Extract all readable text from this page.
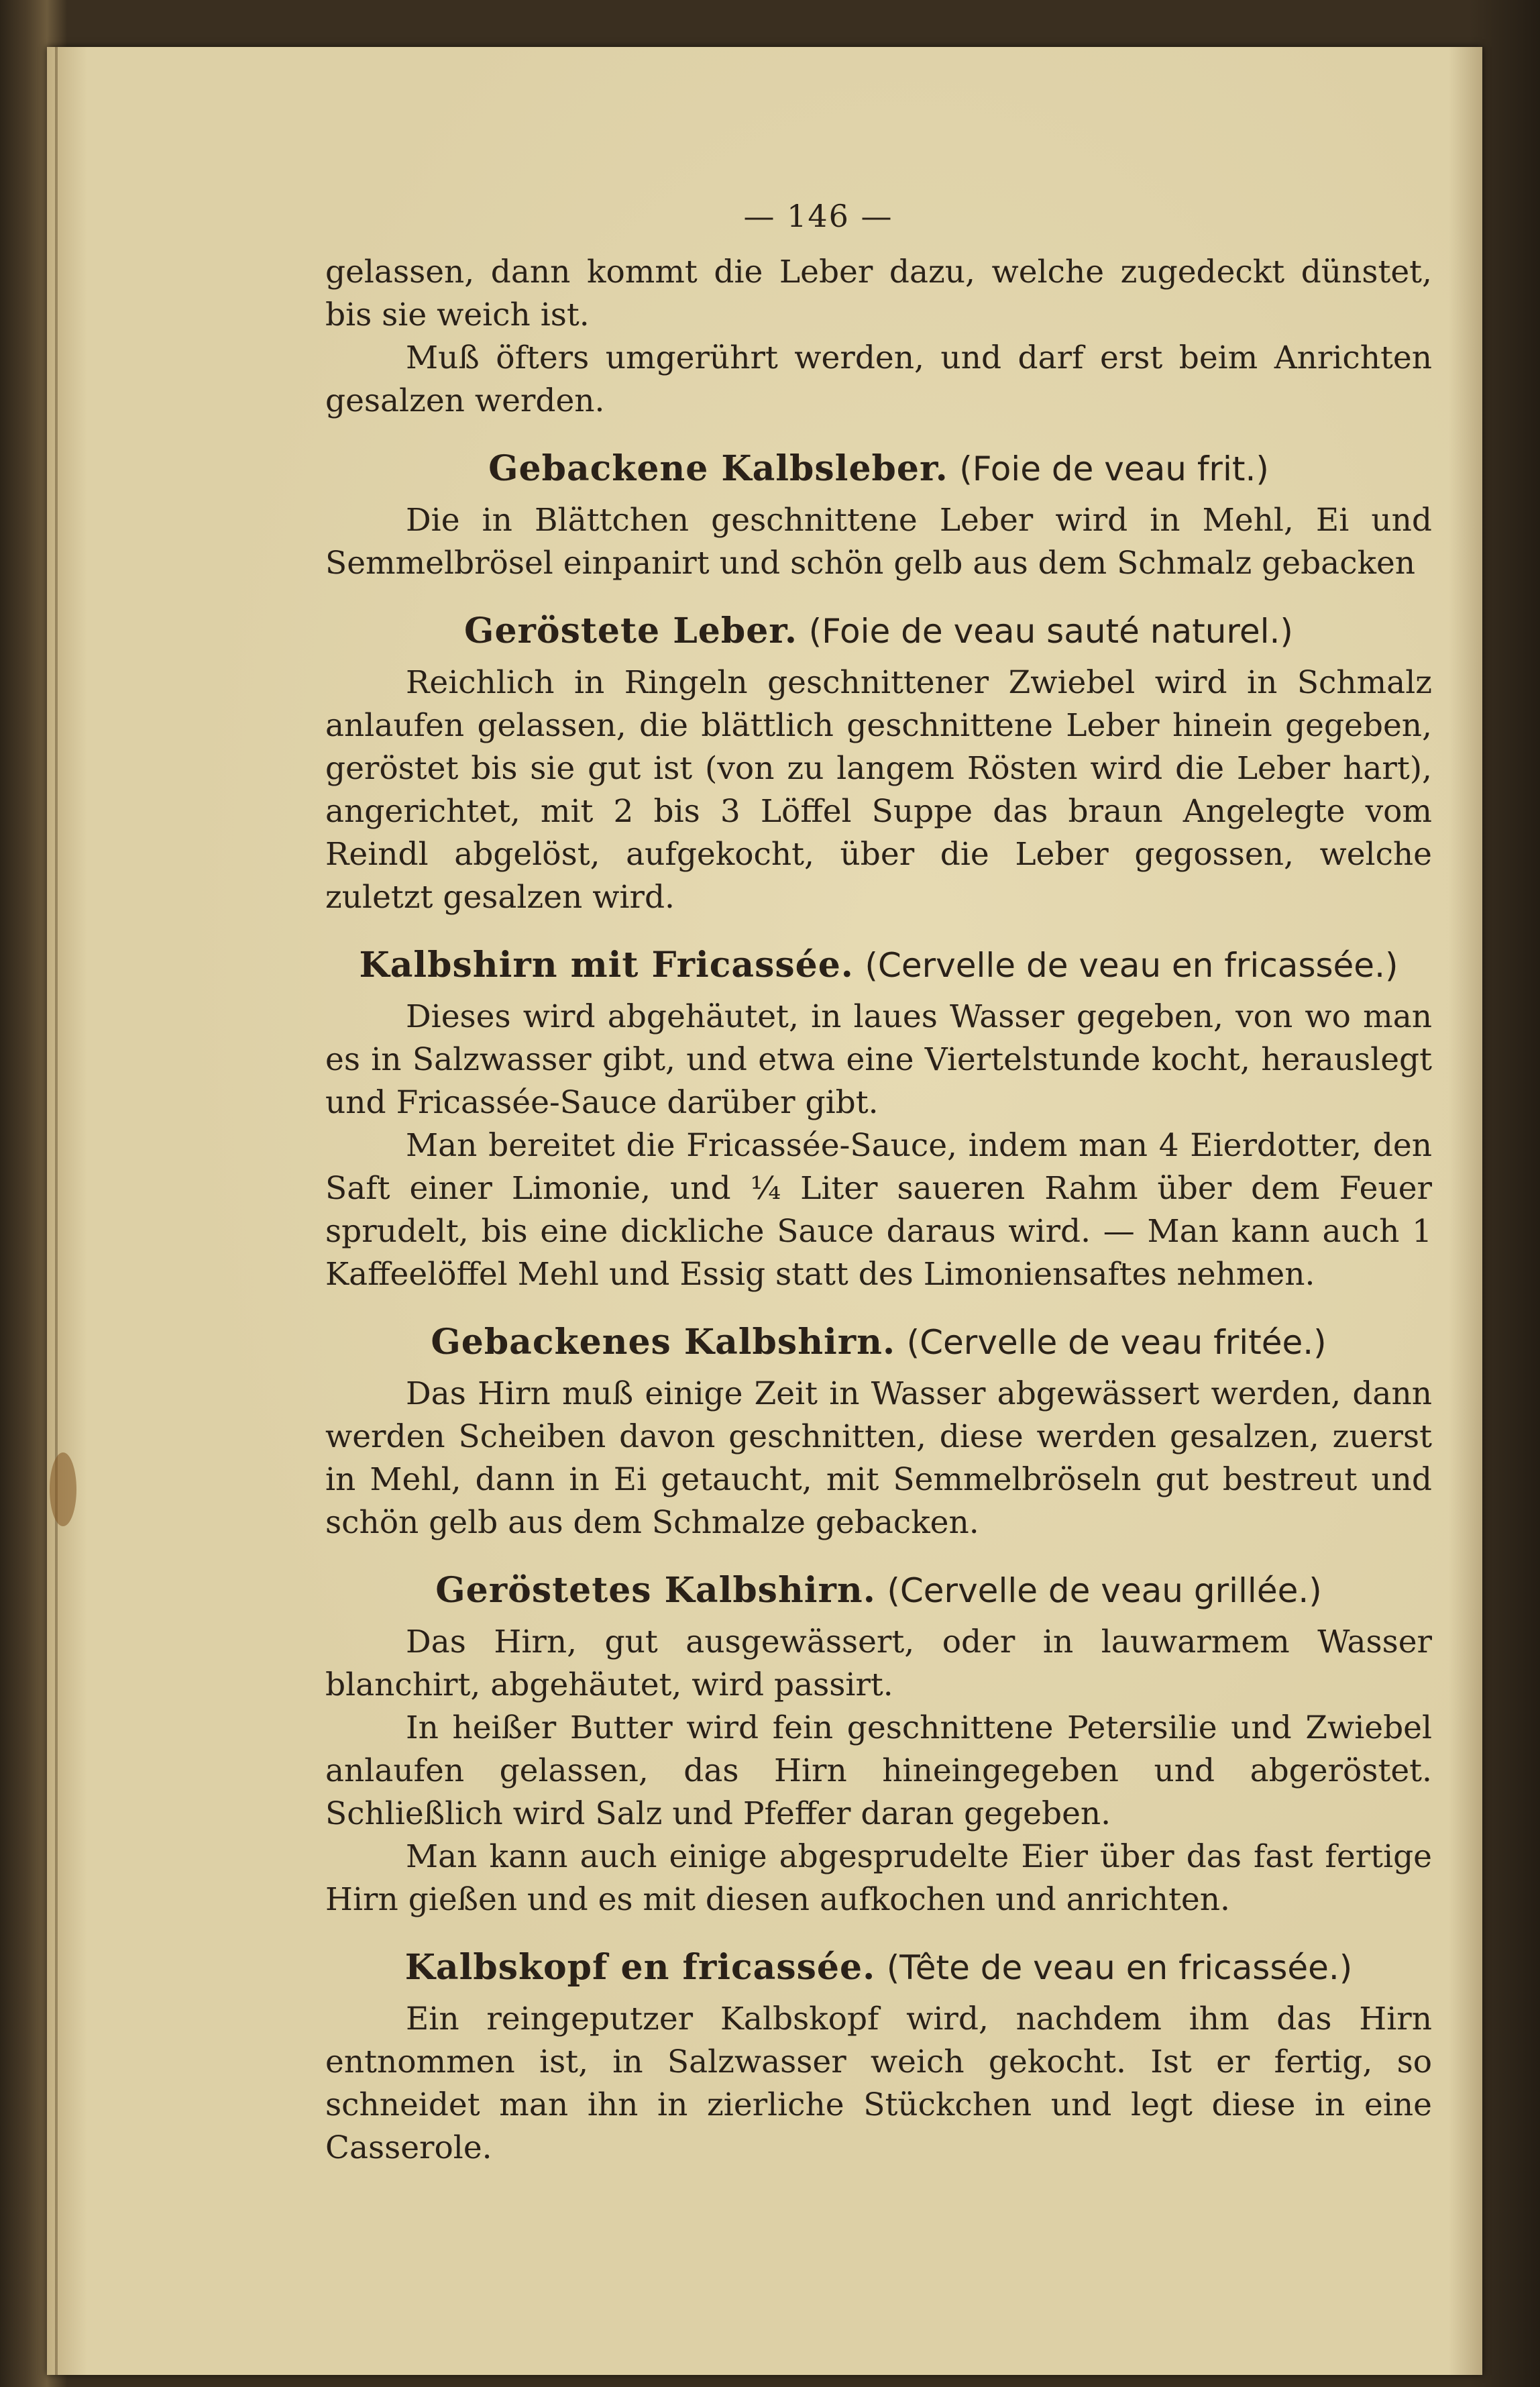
— 146 —

gelassen, dann kommt die Leber dazu, welche zugedeckt dünstet, bis sie weich ist.

Muß öfters umgerührt werden, und darf erst beim Anrichten gesalzen werden.

Gebackene Kalbsleber. (Foie de veau frit.)

Die in Blättchen geschnittene Leber wird in Mehl, Ei und Semmelbrösel einpanirt und schön gelb aus dem Schmalz gebacken

Geröstete Leber. (Foie de veau sauté naturel.)

Reichlich in Ringeln geschnittener Zwiebel wird in Schmalz anlaufen gelassen, die blättlich geschnittene Leber hinein gegeben, geröstet bis sie gut ist (von zu langem Rösten wird die Leber hart), angerichtet, mit 2 bis 3 Löffel Suppe das braun Angelegte vom Reindl abgelöst, aufgekocht, über die Leber gegossen, welche zuletzt gesalzen wird.

Kalbshirn mit Fricassée. (Cervelle de veau en fricassée.)

Dieses wird abgehäutet, in laues Wasser gegeben, von wo man es in Salzwasser gibt, und etwa eine Viertelstunde kocht, herauslegt und Fricassée-Sauce darüber gibt.

Man bereitet die Fricassée-Sauce, indem man 4 Eierdotter, den Saft einer Limonie, und ¼ Liter saueren Rahm über dem Feuer sprudelt, bis eine dickliche Sauce daraus wird. — Man kann auch 1 Kaffeelöffel Mehl und Essig statt des Limoniensaftes nehmen.

Gebackenes Kalbshirn. (Cervelle de veau fritée.)

Das Hirn muß einige Zeit in Wasser abgewässert werden, dann werden Scheiben davon geschnitten, diese werden gesalzen, zuerst in Mehl, dann in Ei getaucht, mit Semmelbröseln gut bestreut und schön gelb aus dem Schmalze gebacken.

Geröstetes Kalbshirn. (Cervelle de veau grillée.)

Das Hirn, gut ausgewässert, oder in lauwarmem Wasser blanchirt, abgehäutet, wird passirt.

In heißer Butter wird fein geschnittene Petersilie und Zwiebel anlaufen gelassen, das Hirn hineingegeben und abgeröstet. Schließlich wird Salz und Pfeffer daran gegeben.

Man kann auch einige abgesprudelte Eier über das fast fertige Hirn gießen und es mit diesen aufkochen und anrichten.

Kalbskopf en fricassée. (Tête de veau en fricassée.)

Ein reingeputzer Kalbskopf wird, nachdem ihm das Hirn entnommen ist, in Salzwasser weich gekocht. Ist er fertig, so schneidet man ihn in zierliche Stückchen und legt diese in eine Casserole.
